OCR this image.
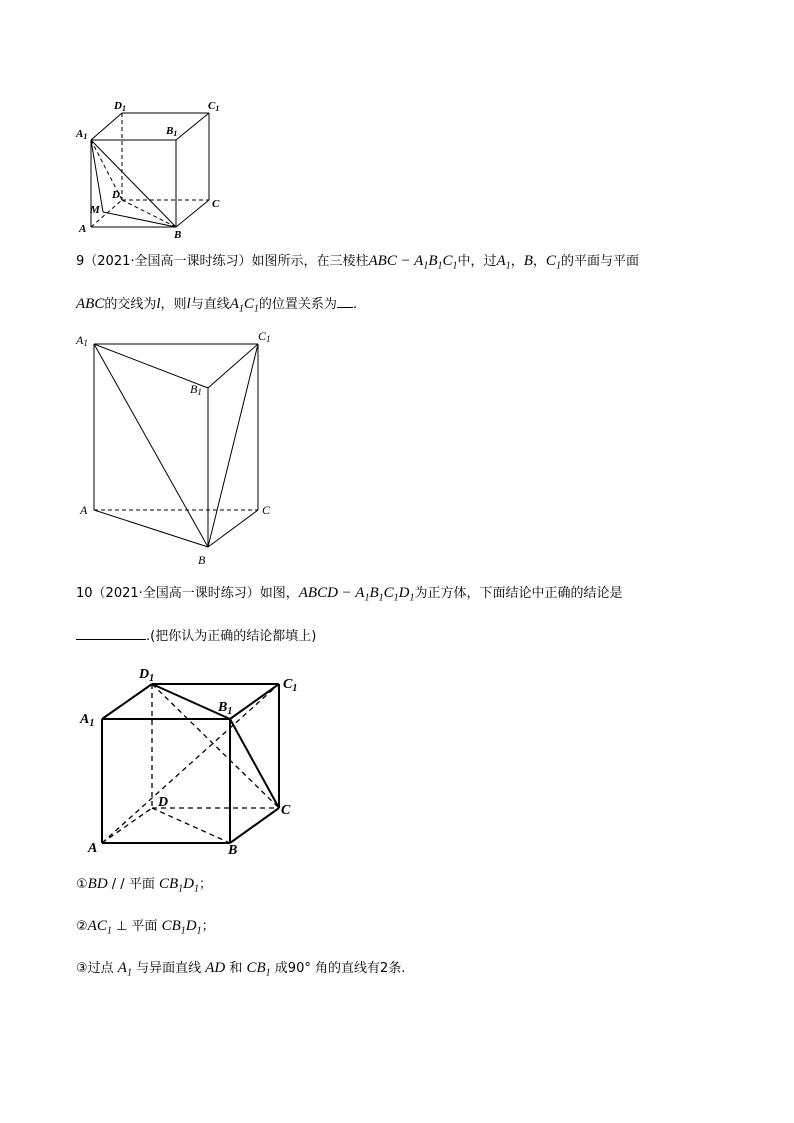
D1	C1
A1	B1
D
M	C
A	B
9（2021·全国高一课时练习）如图所示，在三棱柱ABC − $A_1B_1C_1$中，过$A_1$，B，$C_1$的平面与平面
ABC的交线为l，则l与直线$A_1C_1$的位置关系为 .
A1	C1
B1
A	C
B
10（2021·全国高一课时练习）如图，ABCD − $A_1B_1C_1D_1$为正方体，下面结论中正确的结论是
.(把你认为正确的结论都填上)
$D_1$	$C_1$
$A_1$
$B_1$
D
C
A	B
①BD / / 平面 $CB_1D_1$；
$②AC_1$ ⊥ 平面 $CB_1D_1$；
③过点 $A_1$ 与异面直线 AD 和 $CB_1$ 成90° 角的直线有2条.
